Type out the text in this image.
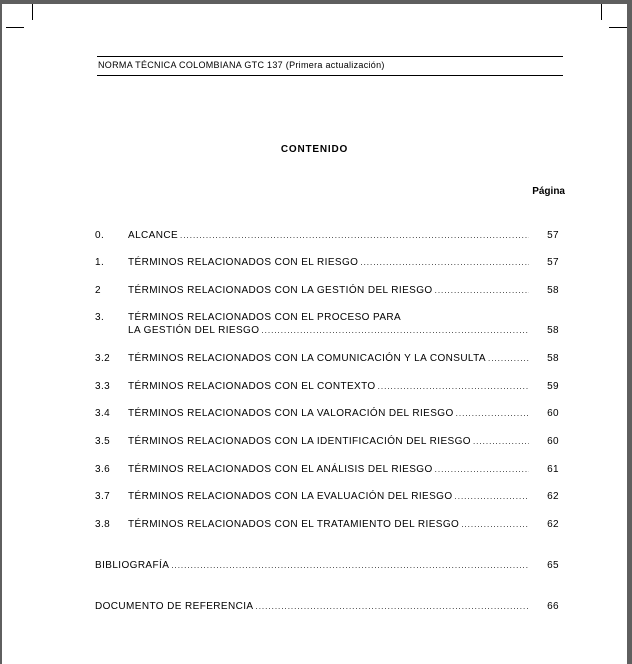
NORMA TÉCNICA COLOMBIANA GTC 137 (Primera actualización)
CONTENIDO
Página
0. ALCANCE .....	57
1. TÉRMINOS RELACIONADOS CON EL RIESGO .....	57
2	TÉRMINOS RELACIONADOS CON LA GESTIÓN DEL RIESGO .....	58
3. TÉRMINOS RELACIONADOS CON EL PROCESO PARA
LA GESTIÓN DEL RIESGO .....	58
3.2 TÉRMINOS RELACIONADOS CON LA COMUNICACIÓN Y LA CONSULTA .....	58
3.3 TÉRMINOS RELACIONADOS CON EL CONTEXTO .....	59
3.4 TÉRMINOS RELACIONADOS CON LA VALORACIÓN DEL RIESGO .....	60
3.5 TÉRMINOS RELACIONADOS CON LA IDENTIFICACIÓN DEL RIESGO .....	60
3.6 TÉRMINOS RELACIONADOS CON EL ANÁLISIS DEL RIESGO .....	61
3.7 TÉRMINOS RELACIONADOS CON LA EVALUACIÓN DEL RIESGO .....	62
3.8 TÉRMINOS RELACIONADOS CON EL TRATAMIENTO DEL RIESGO .....	62
BIBLIOGRAFÍA .....	65
DOCUMENTO DE REFERENCIA .....	66
